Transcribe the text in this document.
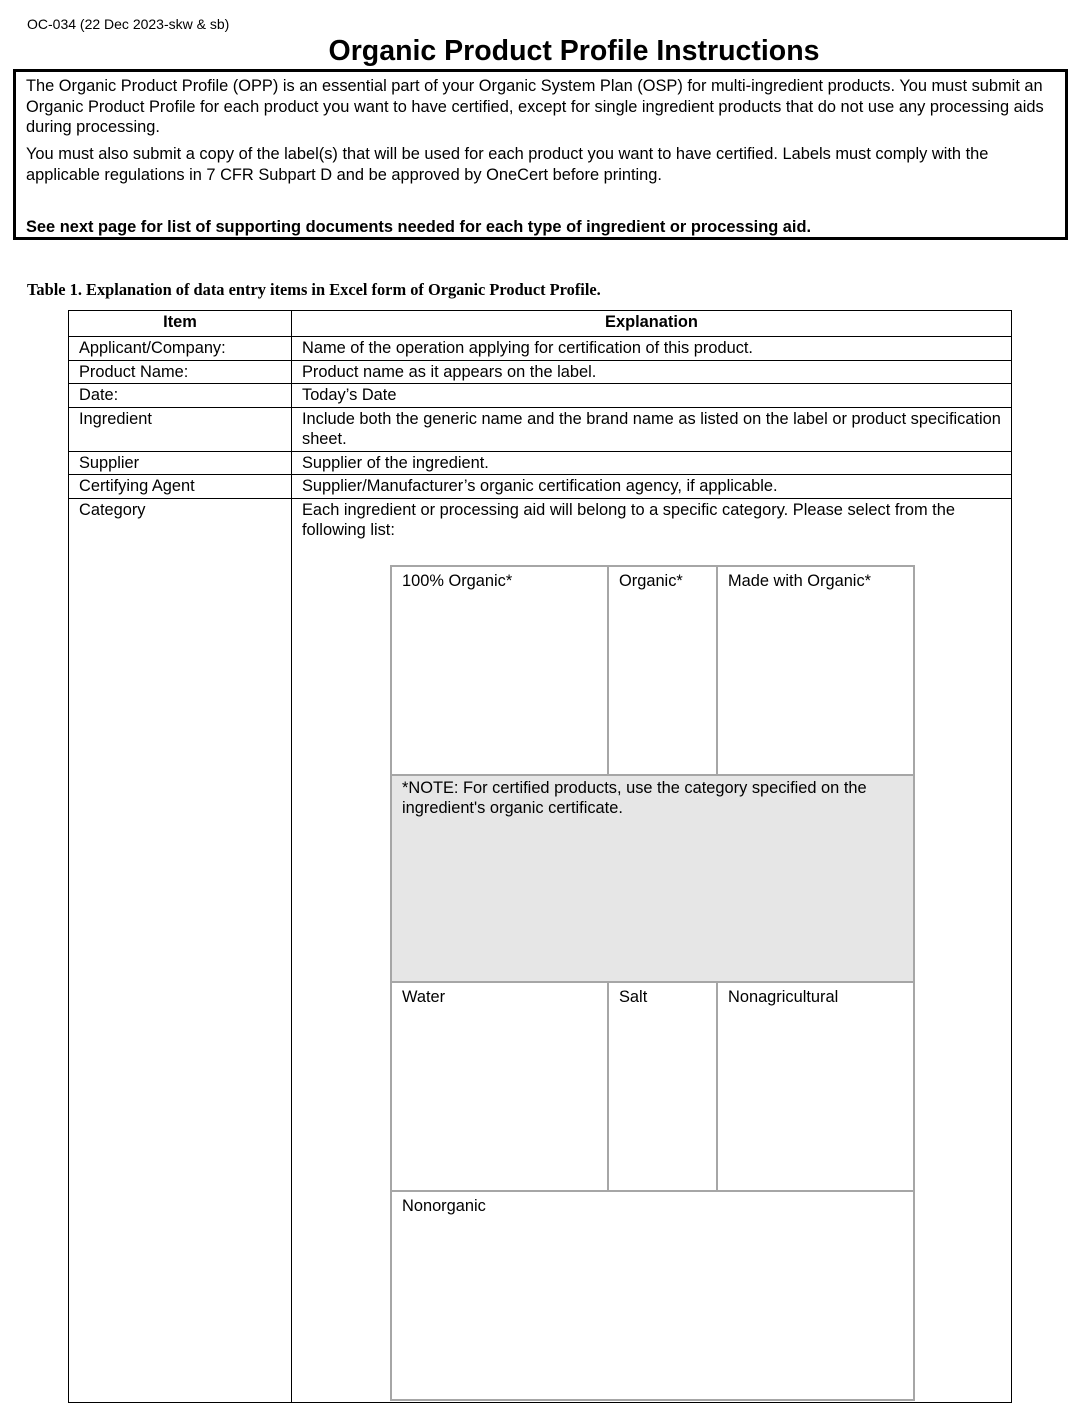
OC-034 (22 Dec 2023-skw & sb)
Organic Product Profile Instructions

The Organic Product Profile (OPP) is an essential part of your Organic System Plan (OSP) for multi-ingredient products. You must submit an Organic Product Profile for each product you want to have certified, except for single ingredient products that do not use any processing aids during processing.

You must also submit a copy of the label(s) that will be used for each product you want to have certified. Labels must comply with the applicable regulations in 7 CFR Subpart D and be approved by OneCert before printing.

See next page for list of supporting documents needed for each type of ingredient or processing aid.

Table 1. Explanation of data entry items in Excel form of Organic Product Profile.
Item	Explanation
Applicant/Company:	Name of the operation applying for certification of this product.
Product Name:	Product name as it appears on the label.
Date:	Today’s Date
Ingredient	Include both the generic name and the brand name as listed on the label or product specification sheet.
Supplier	Supplier of the ingredient.
Certifying Agent	Supplier/Manufacturer’s organic certification agency, if applicable.
Category	Each ingredient or processing aid will belong to a specific category. Please select from the following list:
100% Organic*	Organic*	Made with Organic*
*NOTE: For certified products, use the category specified on the ingredient's organic certificate.
Water	Salt	Nonagricultural
Nonorganic
